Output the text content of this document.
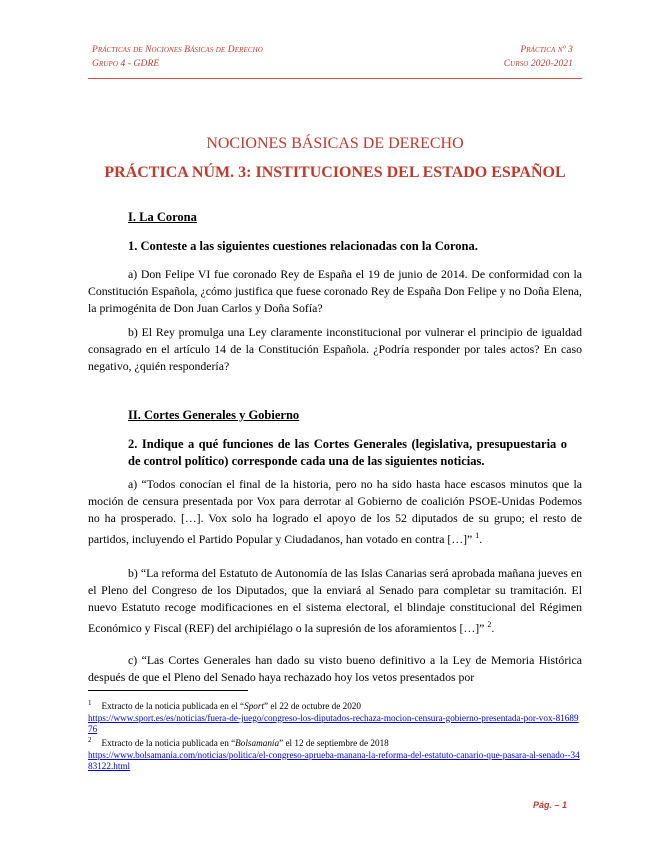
Prácticas de Nociones Básicas de Derecho
Grupo 4 - GDRE
Práctica nº 3
Curso 2020-2021
NOCIONES BÁSICAS DE DERECHO
PRÁCTICA NÚM. 3: INSTITUCIONES DEL ESTADO ESPAÑOL
I. La Corona
1. Conteste a las siguientes cuestiones relacionadas con la Corona.
a) Don Felipe VI fue coronado Rey de España el 19 de junio de 2014. De conformidad con la Constitución Española, ¿cómo justifica que fuese coronado Rey de España Don Felipe y no Doña Elena, la primogénita de Don Juan Carlos y Doña Sofía?
b) El Rey promulga una Ley claramente inconstitucional por vulnerar el principio de igualdad consagrado en el artículo 14 de la Constitución Española. ¿Podría responder por tales actos? En caso negativo, ¿quién respondería?
II. Cortes Generales y Gobierno
2. Indique a qué funciones de las Cortes Generales (legislativa, presupuestaria o de control político) corresponde cada una de las siguientes noticias.
a) “Todos conocían el final de la historia, pero no ha sido hasta hace escasos minutos que la moción de censura presentada por Vox para derrotar al Gobierno de coalición PSOE-Unidas Podemos no ha prosperado. […]. Vox solo ha logrado el apoyo de los 52 diputados de su grupo; el resto de partidos, incluyendo el Partido Popular y Ciudadanos, han votado en contra […]” $^1$.
b) “La reforma del Estatuto de Autonomía de las Islas Canarias será aprobada mañana jueves en el Pleno del Congreso de los Diputados, que la enviará al Senado para completar su tramitación. El nuevo Estatuto recoge modificaciones en el sistema electoral, el blindaje constitucional del Régimen Económico y Fiscal (REF) del archipiélago o la supresión de los aforamientos […]” $^2$.
c) “Las Cortes Generales han dado su visto bueno definitivo a la Ley de Memoria Histórica después de que el Pleno del Senado haya rechazado hoy los vetos presentados por
$^1$ Extracto de la noticia publicada en el “Sport” el 22 de octubre de 2020
https://www.sport.es/es/noticias/fuera-de-juego/congreso-los-diputados-rechaza-mocion-censura-gobierno-presentada-por-vox-8168976
$^2$ Extracto de la noticia publicada en “Bolsamanía” el 12 de septiembre de 2018
https://www.bolsamania.com/noticias/politica/el-congreso-aprueba-manana-la-reforma-del-estatuto-canario-que-pasara-al-senado--3483122.html
Pág. – 1
